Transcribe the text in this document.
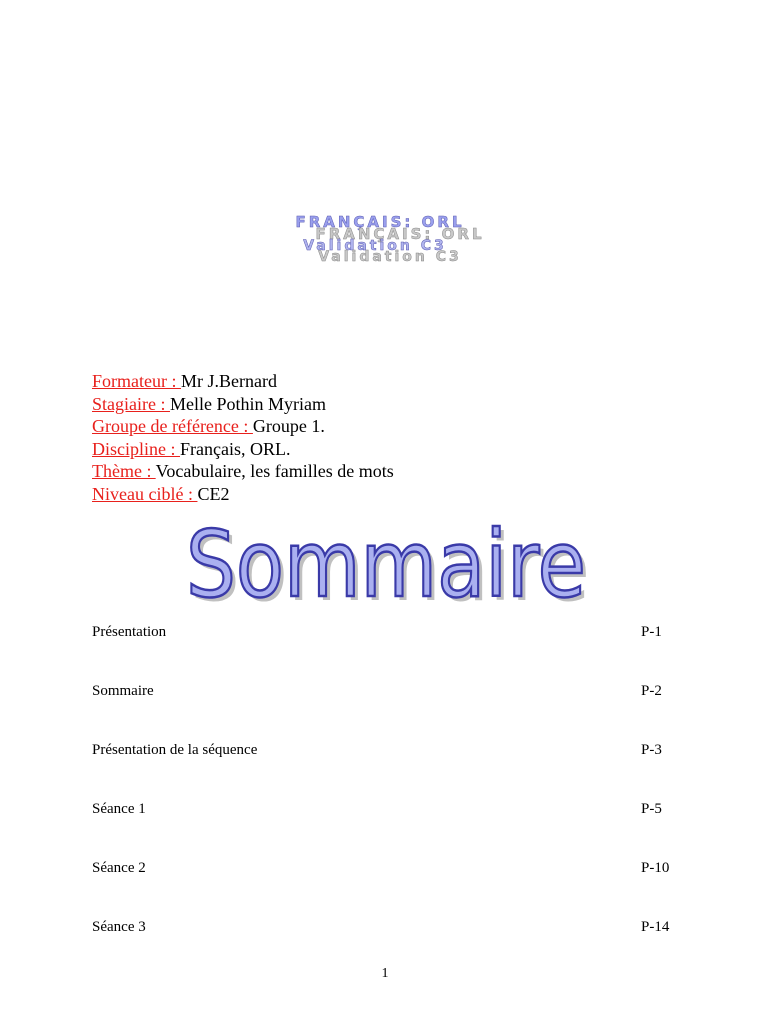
FRANÇAIS: ORL
FRANÇAIS: ORL
Validation C3
Validation C3
Formateur : Mr J.Bernard
Stagiaire : Melle Pothin Myriam
Groupe de référence : Groupe 1.
Discipline : Français, ORL.
Thème : Vocabulaire, les familles de mots
Niveau ciblé : CE2
Sommaire
Sommaire
Présentation	P-1
Sommaire	P-2
Présentation de la séquence	P-3
Séance 1	P-5
Séance 2	P-10
Séance 3	P-14
1
